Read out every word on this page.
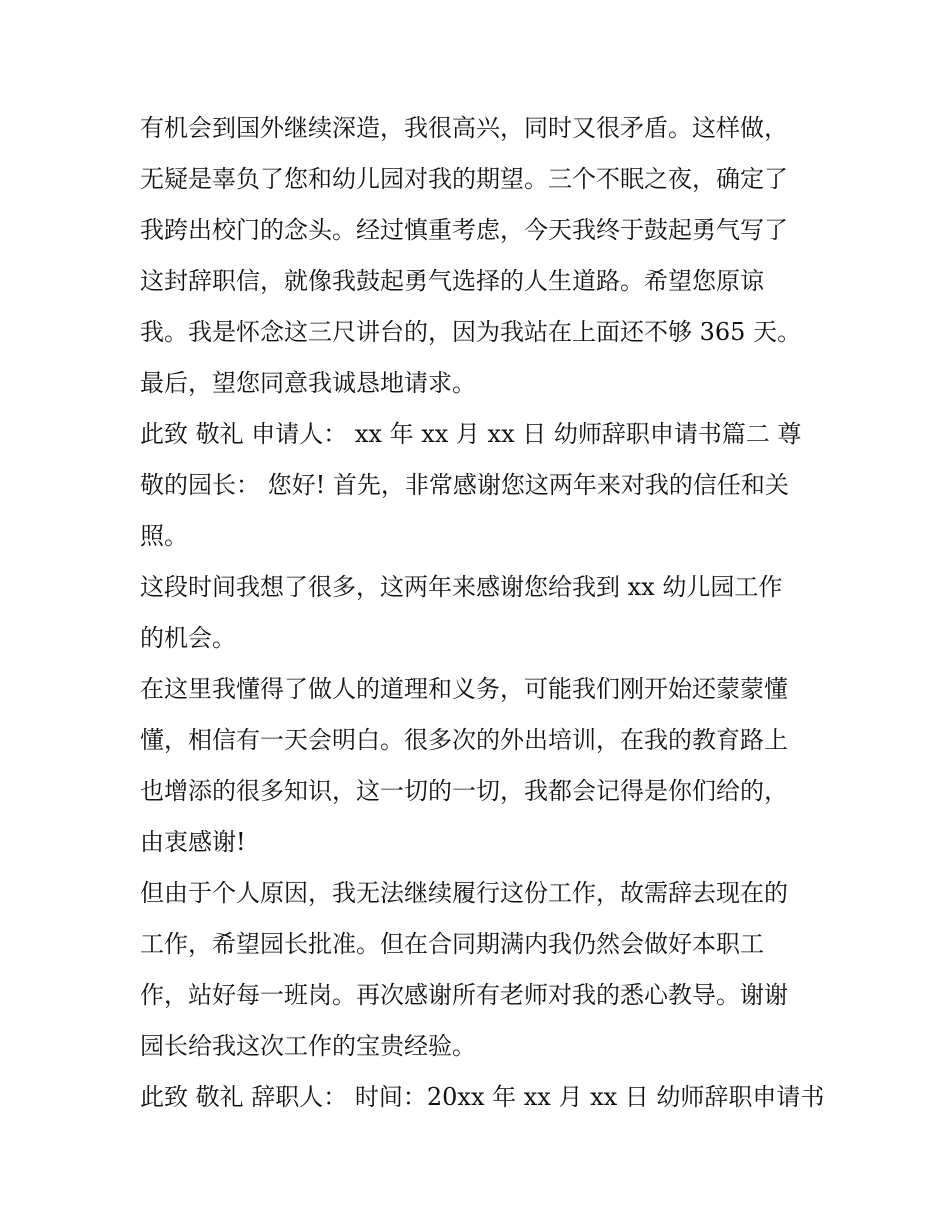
有机会到国外继续深造，我很高兴，同时又很矛盾。这样做，
无疑是辜负了您和幼儿园对我的期望。三个不眠之夜，确定了
我跨出校门的念头。经过慎重考虑，今天我终于鼓起勇气写了
这封辞职信，就像我鼓起勇气选择的人生道路。希望您原谅
我。我是怀念这三尺讲台的，因为我站在上面还不够 365 天。
最后，望您同意我诚恳地请求。
此致 敬礼 申请人： xx 年 xx 月 xx 日 幼师辞职申请书篇二 尊
敬的园长： 您好! 首先，非常感谢您这两年来对我的信任和关
照。
这段时间我想了很多，这两年来感谢您给我到 xx 幼儿园工作
的机会。
在这里我懂得了做人的道理和义务，可能我们刚开始还蒙蒙懂
懂，相信有一天会明白。很多次的外出培训，在我的教育路上
也增添的很多知识，这一切的一切，我都会记得是你们给的，
由衷感谢!
但由于个人原因，我无法继续履行这份工作，故需辞去现在的
工作，希望园长批准。但在合同期满内我仍然会做好本职工
作，站好每一班岗。再次感谢所有老师对我的悉心教导。谢谢
园长给我这次工作的宝贵经验。
此致 敬礼 辞职人： 时间：20xx 年 xx 月 xx 日 幼师辞职申请书
